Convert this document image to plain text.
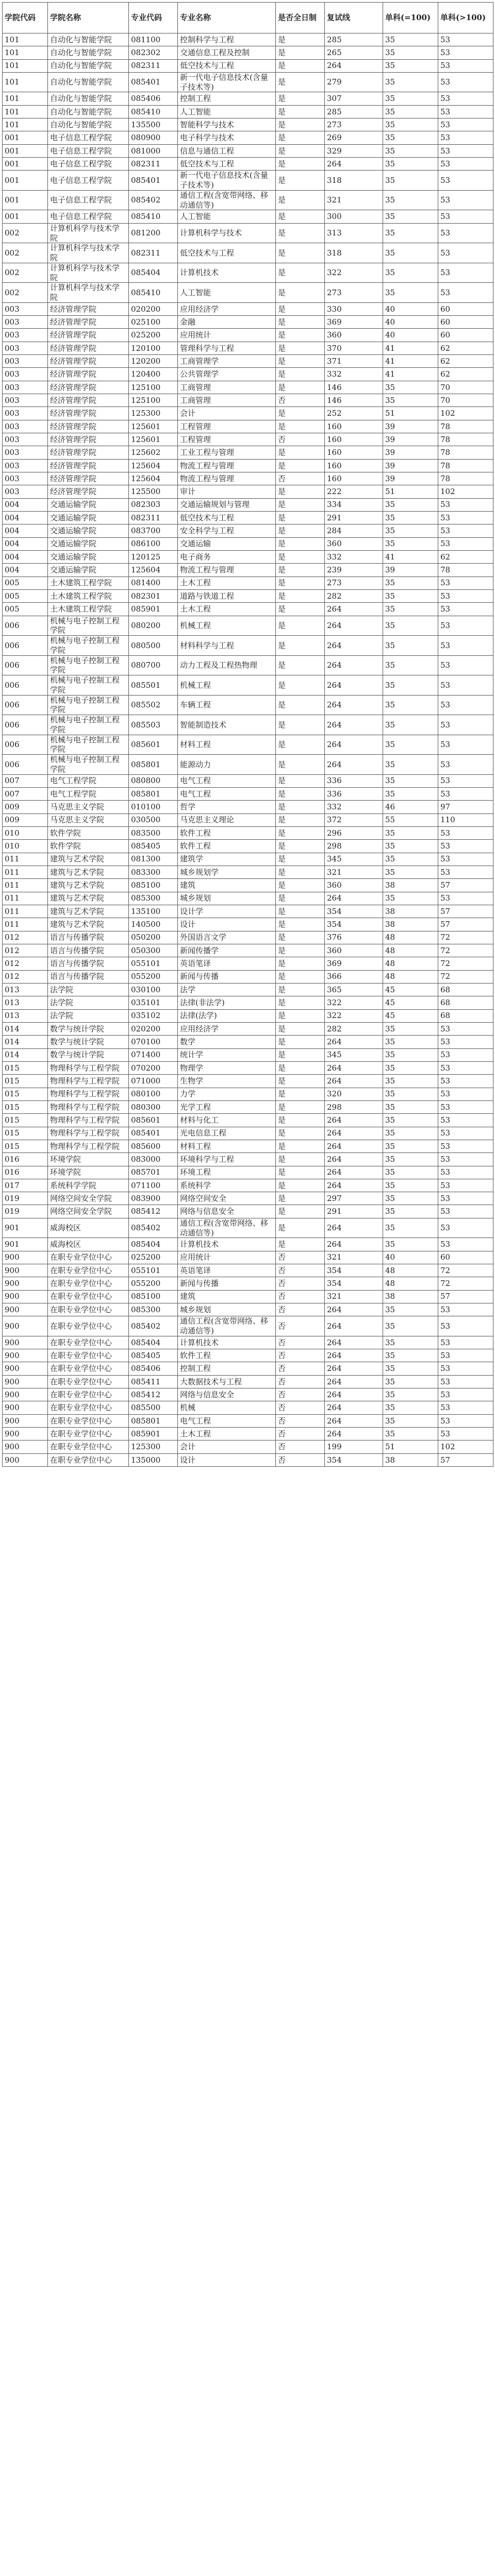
学院代码	学院名称	专业代码	专业名称	是否全日制	复试线	单科(=100)	单科(>100)
101	自动化与智能学院	081100	控制科学与工程	是	285	35	53
101	自动化与智能学院	082302	交通信息工程及控制	是	265	35	53
101	自动化与智能学院	082311	低空技术与工程	是	264	35	53
101	自动化与智能学院	085401	新一代电子信息技术(含量子技术等)	是	279	35	53
101	自动化与智能学院	085406	控制工程	是	307	35	53
101	自动化与智能学院	085410	人工智能	是	285	35	53
101	自动化与智能学院	135500	智能科学与技术	是	273	35	53
001	电子信息工程学院	080900	电子科学与技术	是	269	35	53
001	电子信息工程学院	081000	信息与通信工程	是	329	35	53
001	电子信息工程学院	082311	低空技术与工程	是	264	35	53
001	电子信息工程学院	085401	新一代电子信息技术(含量子技术等)	是	318	35	53
001	电子信息工程学院	085402	通信工程(含宽带网络、移动通信等)	是	321	35	53
001	电子信息工程学院	085410	人工智能	是	300	35	53
002	计算机科学与技术学院	081200	计算机科学与技术	是	313	35	53
002	计算机科学与技术学院	082311	低空技术与工程	是	318	35	53
002	计算机科学与技术学院	085404	计算机技术	是	322	35	53
002	计算机科学与技术学院	085410	人工智能	是	273	35	53
003	经济管理学院	020200	应用经济学	是	330	40	60
003	经济管理学院	025100	金融	是	369	40	60
003	经济管理学院	025200	应用统计	是	360	40	60
003	经济管理学院	120100	管理科学与工程	是	370	41	62
003	经济管理学院	120200	工商管理学	是	371	41	62
003	经济管理学院	120400	公共管理学	是	332	41	62
003	经济管理学院	125100	工商管理	是	146	35	70
003	经济管理学院	125100	工商管理	否	146	35	70
003	经济管理学院	125300	会计	是	252	51	102
003	经济管理学院	125601	工程管理	是	160	39	78
003	经济管理学院	125601	工程管理	否	160	39	78
003	经济管理学院	125602	工业工程与管理	是	160	39	78
003	经济管理学院	125604	物流工程与管理	是	160	39	78
003	经济管理学院	125604	物流工程与管理	否	160	39	78
003	经济管理学院	125500	审计	是	222	51	102
004	交通运输学院	082303	交通运输规划与管理	是	334	35	53
004	交通运输学院	082311	低空技术与工程	是	291	35	53
004	交通运输学院	083700	安全科学与工程	是	284	35	53
004	交通运输学院	086100	交通运输	是	360	35	53
004	交通运输学院	120125	电子商务	是	332	41	62
004	交通运输学院	125604	物流工程与管理	是	239	39	78
005	土木建筑工程学院	081400	土木工程	是	273	35	53
005	土木建筑工程学院	082301	道路与铁道工程	是	282	35	53
005	土木建筑工程学院	085901	土木工程	是	264	35	53
006	机械与电子控制工程学院	080200	机械工程	是	264	35	53
006	机械与电子控制工程学院	080500	材料科学与工程	是	264	35	53
006	机械与电子控制工程学院	080700	动力工程及工程热物理	是	264	35	53
006	机械与电子控制工程学院	085501	机械工程	是	264	35	53
006	机械与电子控制工程学院	085502	车辆工程	是	264	35	53
006	机械与电子控制工程学院	085503	智能制造技术	是	264	35	53
006	机械与电子控制工程学院	085601	材料工程	是	264	35	53
006	机械与电子控制工程学院	085801	能源动力	是	264	35	53
007	电气工程学院	080800	电气工程	是	336	35	53
007	电气工程学院	085801	电气工程	是	336	35	53
009	马克思主义学院	010100	哲学	是	332	46	97
009	马克思主义学院	030500	马克思主义理论	是	372	55	110
010	软件学院	083500	软件工程	是	296	35	53
010	软件学院	085405	软件工程	是	298	35	53
011	建筑与艺术学院	081300	建筑学	是	345	35	53
011	建筑与艺术学院	083300	城乡规划学	是	321	35	53
011	建筑与艺术学院	085100	建筑	是	360	38	57
011	建筑与艺术学院	085300	城乡规划	是	264	35	53
011	建筑与艺术学院	135100	设计学	是	354	38	57
011	建筑与艺术学院	140500	设计	是	354	38	57
012	语言与传播学院	050200	外国语言文学	是	376	48	72
012	语言与传播学院	050300	新闻传播学	是	360	48	72
012	语言与传播学院	055101	英语笔译	是	369	48	72
012	语言与传播学院	055200	新闻与传播	是	366	48	72
013	法学院	030100	法学	是	365	45	68
013	法学院	035101	法律(非法学)	是	322	45	68
013	法学院	035102	法律(法学)	是	322	45	68
014	数学与统计学院	020200	应用经济学	是	282	35	53
014	数学与统计学院	070100	数学	是	264	35	53
014	数学与统计学院	071400	统计学	是	345	35	53
015	物理科学与工程学院	070200	物理学	是	264	35	53
015	物理科学与工程学院	071000	生物学	是	264	35	53
015	物理科学与工程学院	080100	力学	是	320	35	53
015	物理科学与工程学院	080300	光学工程	是	298	35	53
015	物理科学与工程学院	085601	材料与化工	是	264	35	53
015	物理科学与工程学院	085401	光电信息工程	是	264	35	53
015	物理科学与工程学院	085600	材料工程	是	264	35	53
016	环境学院	083000	环境科学与工程	是	264	35	53
016	环境学院	085701	环境工程	是	264	35	53
017	系统科学学院	071100	系统科学	是	264	35	53
019	网络空间安全学院	083900	网络空间安全	是	297	35	53
019	网络空间安全学院	085412	网络与信息安全	是	291	35	53
901	威海校区	085402	通信工程(含宽带网络、移动通信等)	是	264	35	53
901	威海校区	085404	计算机技术	是	264	35	53
900	在职专业学位中心	025200	应用统计	否	321	40	60
900	在职专业学位中心	055101	英语笔译	否	354	48	72
900	在职专业学位中心	055200	新闻与传播	否	354	48	72
900	在职专业学位中心	085100	建筑	否	321	38	57
900	在职专业学位中心	085300	城乡规划	否	264	35	53
900	在职专业学位中心	085402	通信工程(含宽带网络、移动通信等)	否	264	35	53
900	在职专业学位中心	085404	计算机技术	否	264	35	53
900	在职专业学位中心	085405	软件工程	否	264	35	53
900	在职专业学位中心	085406	控制工程	否	264	35	53
900	在职专业学位中心	085411	大数据技术与工程	否	264	35	53
900	在职专业学位中心	085412	网络与信息安全	否	264	35	53
900	在职专业学位中心	085500	机械	否	264	35	53
900	在职专业学位中心	085801	电气工程	否	264	35	53
900	在职专业学位中心	085901	土木工程	否	264	35	53
900	在职专业学位中心	125300	会计	否	199	51	102
900	在职专业学位中心	135000	设计	否	354	38	57
